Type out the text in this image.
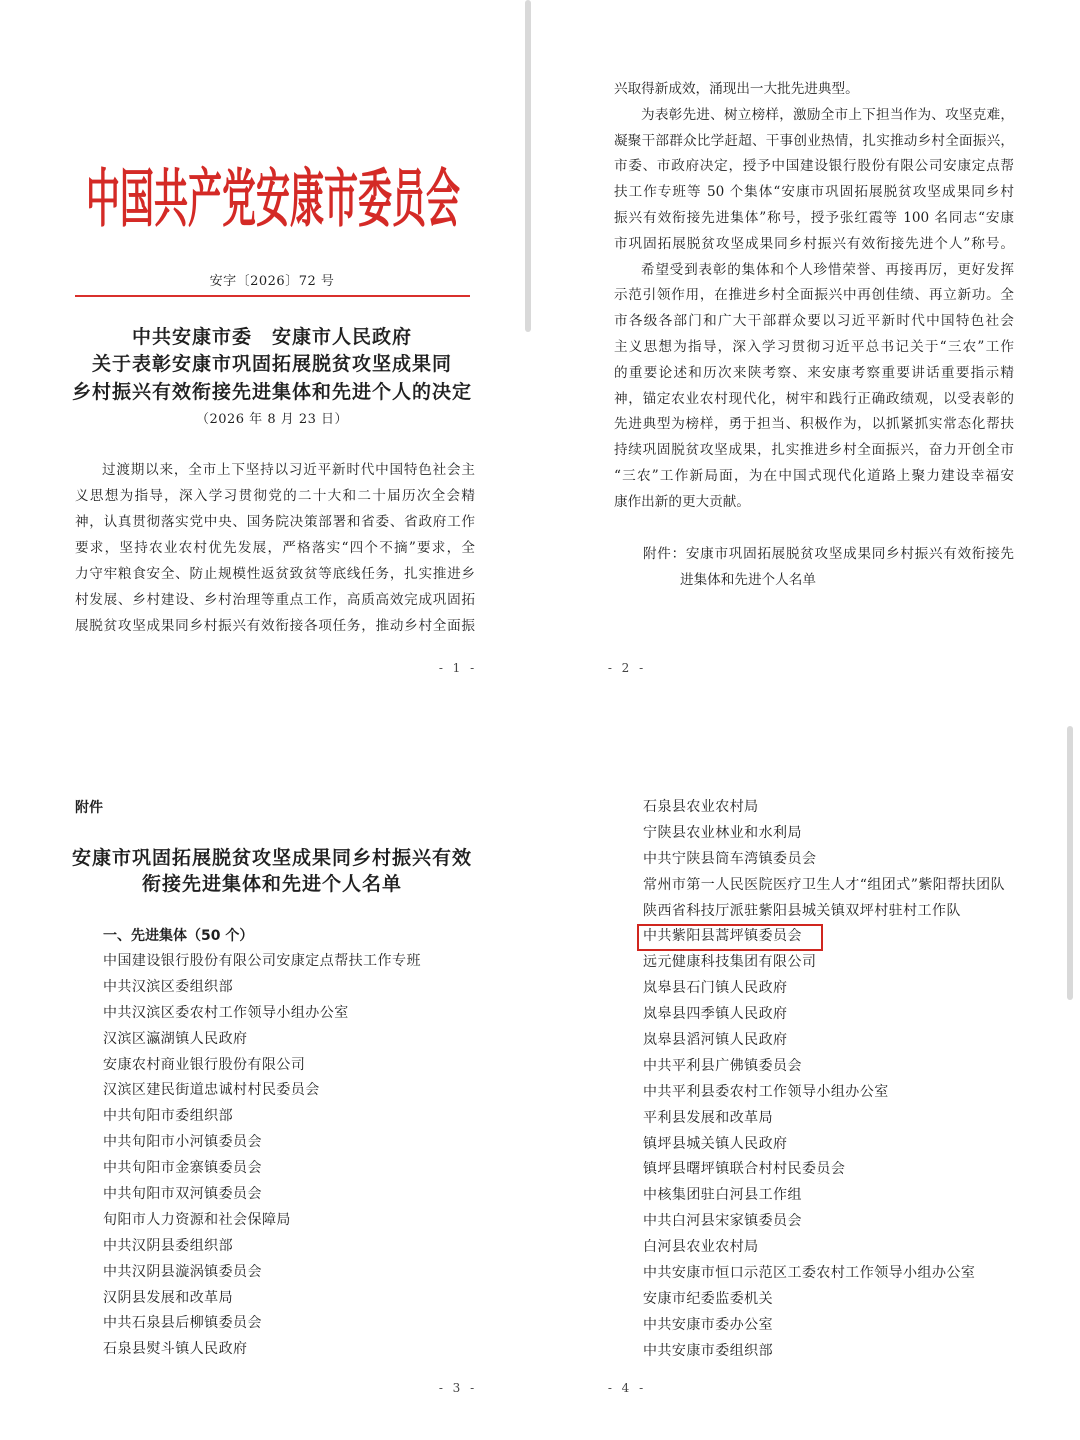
中国共产党安康市委员会
安字〔2026〕72 号
中共安康市委　安康市人民政府
关于表彰安康市巩固拓展脱贫攻坚成果同
乡村振兴有效衔接先进集体和先进个人的决定
（2026 年 8 月 23 日）
过渡期以来，全市上下坚持以习近平新时代中国特色社会主
义思想为指导，深入学习贯彻党的二十大和二十届历次全会精
神，认真贯彻落实党中央、国务院决策部署和省委、省政府工作
要求，坚持农业农村优先发展，严格落实“四个不摘”要求，全
力守牢粮食安全、防止规模性返贫致贫等底线任务，扎实推进乡
村发展、乡村建设、乡村治理等重点工作，高质高效完成巩固拓
展脱贫攻坚成果同乡村振兴有效衔接各项任务，推动乡村全面振
- 1 -
兴取得新成效，涌现出一大批先进典型。
为表彰先进、树立榜样，激励全市上下担当作为、攻坚克难，
凝聚干部群众比学赶超、干事创业热情，扎实推动乡村全面振兴，
市委、市政府决定，授予中国建设银行股份有限公司安康定点帮
扶工作专班等 50 个集体“安康市巩固拓展脱贫攻坚成果同乡村
振兴有效衔接先进集体”称号，授予张红霞等 100 名同志“安康
市巩固拓展脱贫攻坚成果同乡村振兴有效衔接先进个人”称号。
希望受到表彰的集体和个人珍惜荣誉、再接再厉，更好发挥
示范引领作用，在推进乡村全面振兴中再创佳绩、再立新功。全
市各级各部门和广大干部群众要以习近平新时代中国特色社会
主义思想为指导，深入学习贯彻习近平总书记关于“三农”工作
的重要论述和历次来陕考察、来安康考察重要讲话重要指示精
神，锚定农业农村现代化，树牢和践行正确政绩观，以受表彰的
先进典型为榜样，勇于担当、积极作为，以抓紧抓实常态化帮扶
持续巩固脱贫攻坚成果，扎实推进乡村全面振兴，奋力开创全市
“三农”工作新局面，为在中国式现代化道路上聚力建设幸福安
康作出新的更大贡献。
附件：安康市巩固拓展脱贫攻坚成果同乡村振兴有效衔接先
进集体和先进个人名单
- 2 -
附件
安康市巩固拓展脱贫攻坚成果同乡村振兴有效
衔接先进集体和先进个人名单
一、先进集体（50 个）
中国建设银行股份有限公司安康定点帮扶工作专班
中共汉滨区委组织部
中共汉滨区委农村工作领导小组办公室
汉滨区瀛湖镇人民政府
安康农村商业银行股份有限公司
汉滨区建民街道忠诚村村民委员会
中共旬阳市委组织部
中共旬阳市小河镇委员会
中共旬阳市金寨镇委员会
中共旬阳市双河镇委员会
旬阳市人力资源和社会保障局
中共汉阴县委组织部
中共汉阴县漩涡镇委员会
汉阴县发展和改革局
中共石泉县后柳镇委员会
石泉县熨斗镇人民政府
- 3 -
石泉县农业农村局
宁陕县农业林业和水利局
中共宁陕县筒车湾镇委员会
常州市第一人民医院医疗卫生人才“组团式”紫阳帮扶团队
陕西省科技厅派驻紫阳县城关镇双坪村驻村工作队
中共紫阳县蒿坪镇委员会
远元健康科技集团有限公司
岚皋县石门镇人民政府
岚皋县四季镇人民政府
岚皋县滔河镇人民政府
中共平利县广佛镇委员会
中共平利县委农村工作领导小组办公室
平利县发展和改革局
镇坪县城关镇人民政府
镇坪县曙坪镇联合村村民委员会
中核集团驻白河县工作组
中共白河县宋家镇委员会
白河县农业农村局
中共安康市恒口示范区工委农村工作领导小组办公室
安康市纪委监委机关
中共安康市委办公室
中共安康市委组织部
- 4 -
